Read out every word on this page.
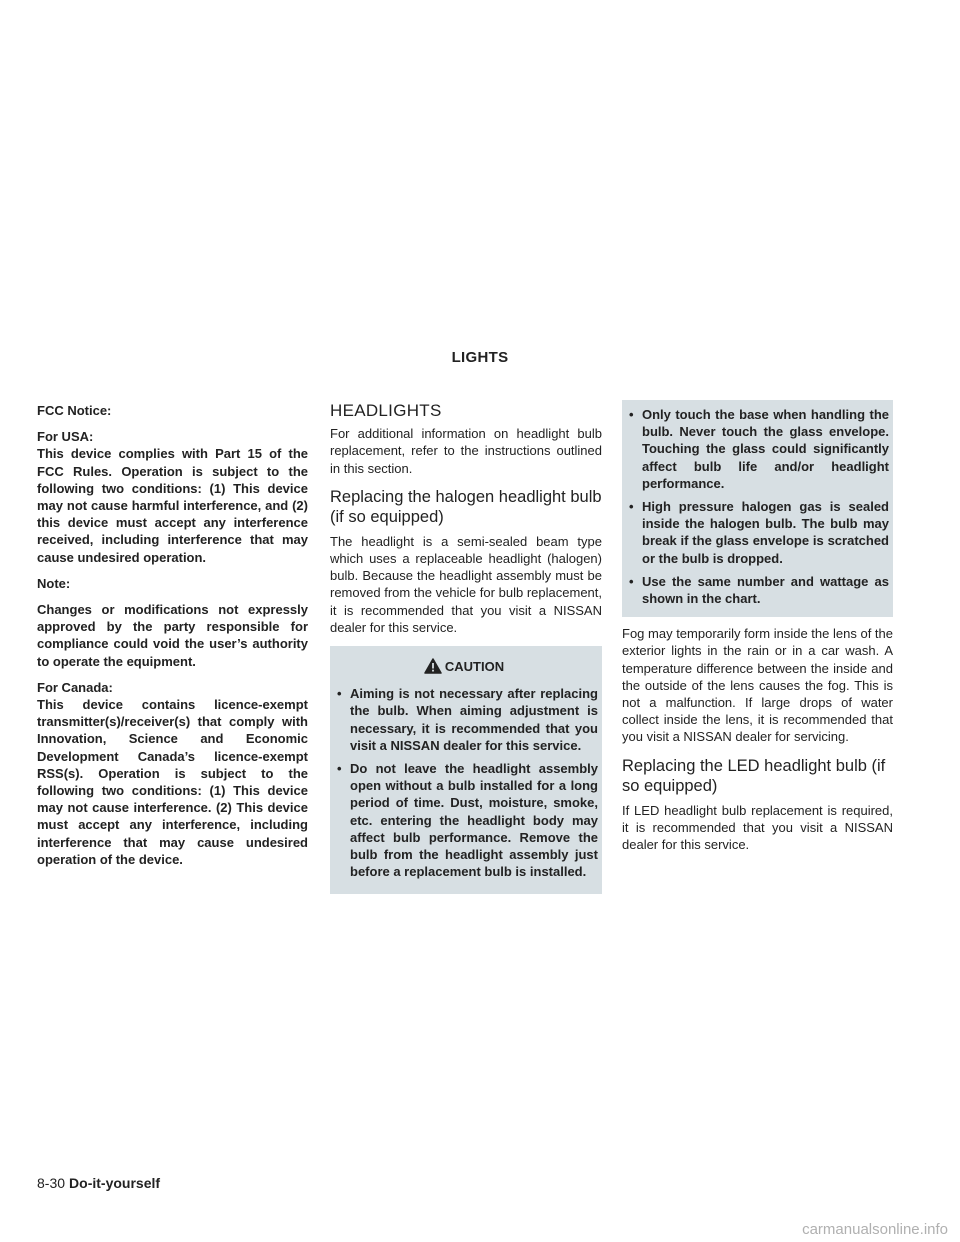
LIGHTS

FCC Notice:

For USA:
This device complies with Part 15 of the FCC Rules. Operation is subject to the following two conditions: (1) This device may not cause harmful interference, and (2) this device must accept any interference received, including interference that may cause undesired operation.

Note:

Changes or modifications not expressly approved by the party responsible for compliance could void the user’s authority to operate the equipment.

For Canada:
This device contains licence-exempt transmitter(s)/receiver(s) that comply with Innovation, Science and Economic Development Canada’s licence-exempt RSS(s). Operation is subject to the following two conditions: (1) This device may not cause interference. (2) This device must accept any interference, including interference that may cause undesired operation of the device.

HEADLIGHTS

For additional information on headlight bulb replacement, refer to the instructions outlined in this section.

Replacing the halogen headlight bulb (if so equipped)

The headlight is a semi-sealed beam type which uses a replaceable headlight (halogen) bulb. Because the headlight assembly must be removed from the vehicle for bulb replacement, it is recommended that you visit a NISSAN dealer for this service.

CAUTION
• Aiming is not necessary after replacing the bulb. When aiming adjustment is necessary, it is recommended that you visit a NISSAN dealer for this service.
• Do not leave the headlight assembly open without a bulb installed for a long period of time. Dust, moisture, smoke, etc. entering the headlight body may affect bulb performance. Remove the bulb from the headlight assembly just before a replacement bulb is installed.
• Only touch the base when handling the bulb. Never touch the glass envelope. Touching the glass could significantly affect bulb life and/or headlight performance.
• High pressure halogen gas is sealed inside the halogen bulb. The bulb may break if the glass envelope is scratched or the bulb is dropped.
• Use the same number and wattage as shown in the chart.

Fog may temporarily form inside the lens of the exterior lights in the rain or in a car wash. A temperature difference between the inside and the outside of the lens causes the fog. This is not a malfunction. If large drops of water collect inside the lens, it is recommended that you visit a NISSAN dealer for servicing.

Replacing the LED headlight bulb (if so equipped)

If LED headlight bulb replacement is required, it is recommended that you visit a NISSAN dealer for this service.

8-30 Do-it-yourself
carmanualsonline.info
